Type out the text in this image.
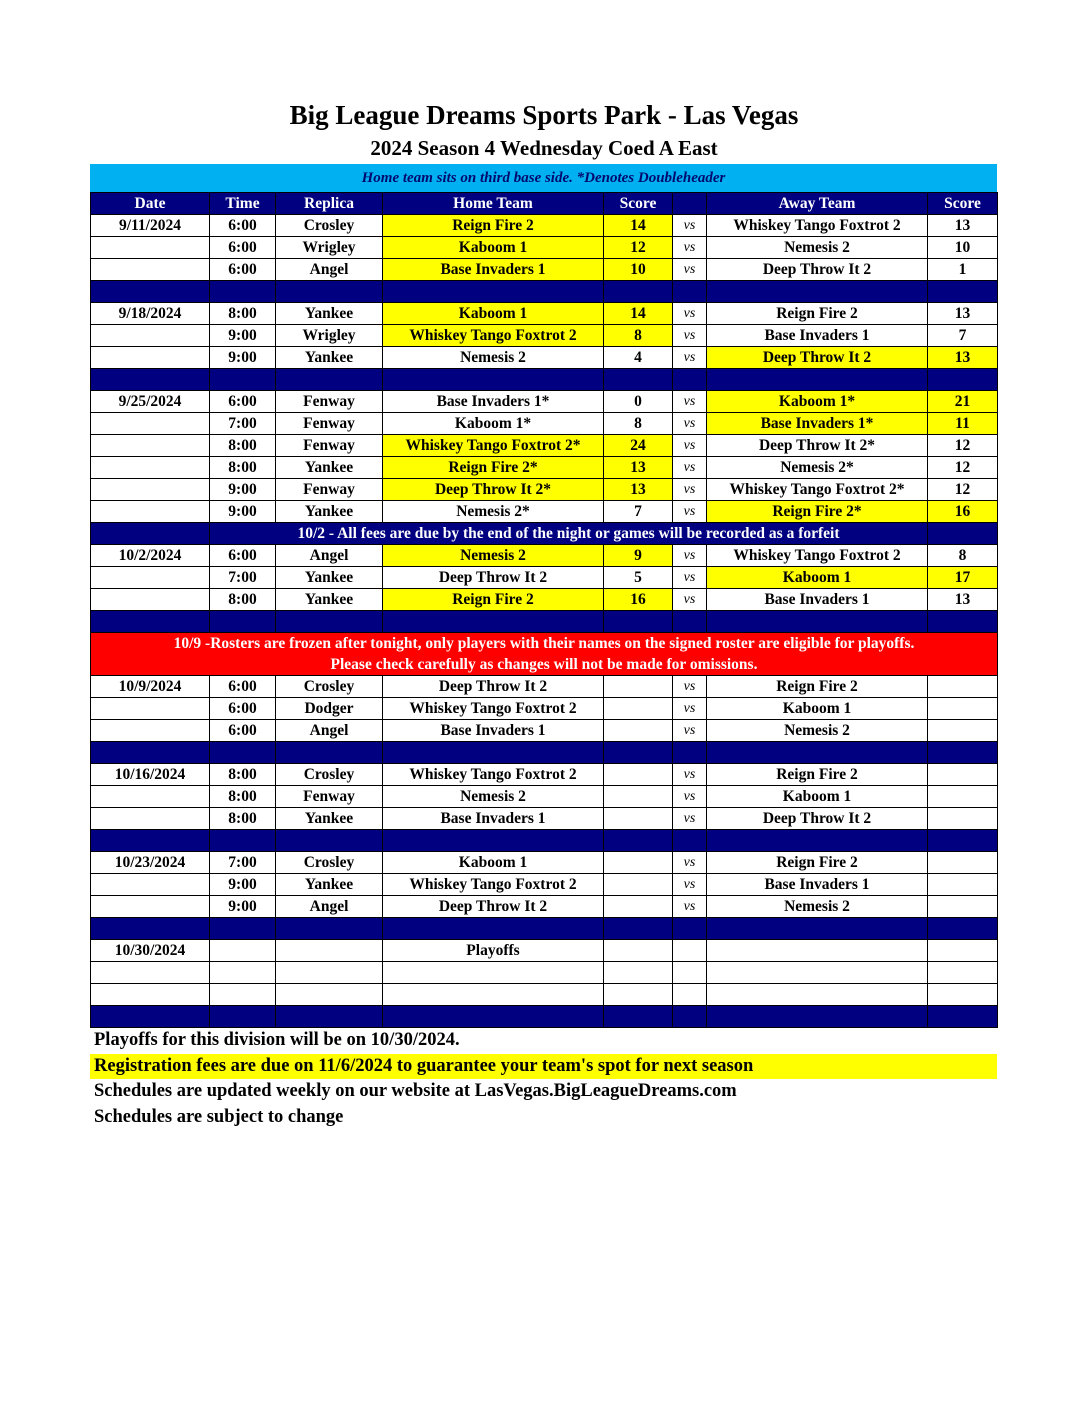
Big League Dreams Sports Park - Las Vegas
2024 Season 4 Wednesday Coed A East
Home team sits on third base side. *Denotes Doubleheader
Date	Time	Replica	Home Team	Score		Away Team	Score
9/11/2024	6:00	Crosley	Reign Fire 2	14	vs	Whiskey Tango Foxtrot 2	13
	6:00	Wrigley	Kaboom 1	12	vs	Nemesis 2	10
	6:00	Angel	Base Invaders 1	10	vs	Deep Throw It 2	1

9/18/2024	8:00	Yankee	Kaboom 1	14	vs	Reign Fire 2	13
	9:00	Wrigley	Whiskey Tango Foxtrot 2	8	vs	Base Invaders 1	7
	9:00	Yankee	Nemesis 2	4	vs	Deep Throw It 2	13

9/25/2024	6:00	Fenway	Base Invaders 1*	0	vs	Kaboom 1*	21
	7:00	Fenway	Kaboom 1*	8	vs	Base Invaders 1*	11
	8:00	Fenway	Whiskey Tango Foxtrot 2*	24	vs	Deep Throw It 2*	12
	8:00	Yankee	Reign Fire 2*	13	vs	Nemesis 2*	12
	9:00	Fenway	Deep Throw It 2*	13	vs	Whiskey Tango Foxtrot 2*	12
	9:00	Yankee	Nemesis 2*	7	vs	Reign Fire 2*	16
	10/2 - All fees are due by the end of the night or games will be recorded as a forfeit						
10/2/2024	6:00	Angel	Nemesis 2	9	vs	Whiskey Tango Foxtrot 2	8
	7:00	Yankee	Deep Throw It 2	5	vs	Kaboom 1	17
	8:00	Yankee	Reign Fire 2	16	vs	Base Invaders 1	13

10/9 -Rosters are frozen after tonight, only players with their names on the signed roster are eligible for playoffs.
Please check carefully as changes will not be made for omissions.							

10/9/2024	6:00	Crosley	Deep Throw It 2		vs	Reign Fire 2	
	6:00	Dodger	Whiskey Tango Foxtrot 2		vs	Kaboom 1	
	6:00	Angel	Base Invaders 1		vs	Nemesis 2	

10/16/2024	8:00	Crosley	Whiskey Tango Foxtrot 2		vs	Reign Fire 2	
	8:00	Fenway	Nemesis 2		vs	Kaboom 1	
	8:00	Yankee	Base Invaders 1		vs	Deep Throw It 2	

10/23/2024	7:00	Crosley	Kaboom 1		vs	Reign Fire 2	
	9:00	Yankee	Whiskey Tango Foxtrot 2		vs	Base Invaders 1	
	9:00	Angel	Deep Throw It 2		vs	Nemesis 2	

10/30/2024			Playoffs				

Playoffs for this division will be on 10/30/2024.
Registration fees are due on 11/6/2024 to guarantee your team's spot for next season
Schedules are updated weekly on our website at LasVegas.BigLeagueDreams.com
Schedules are subject to change
